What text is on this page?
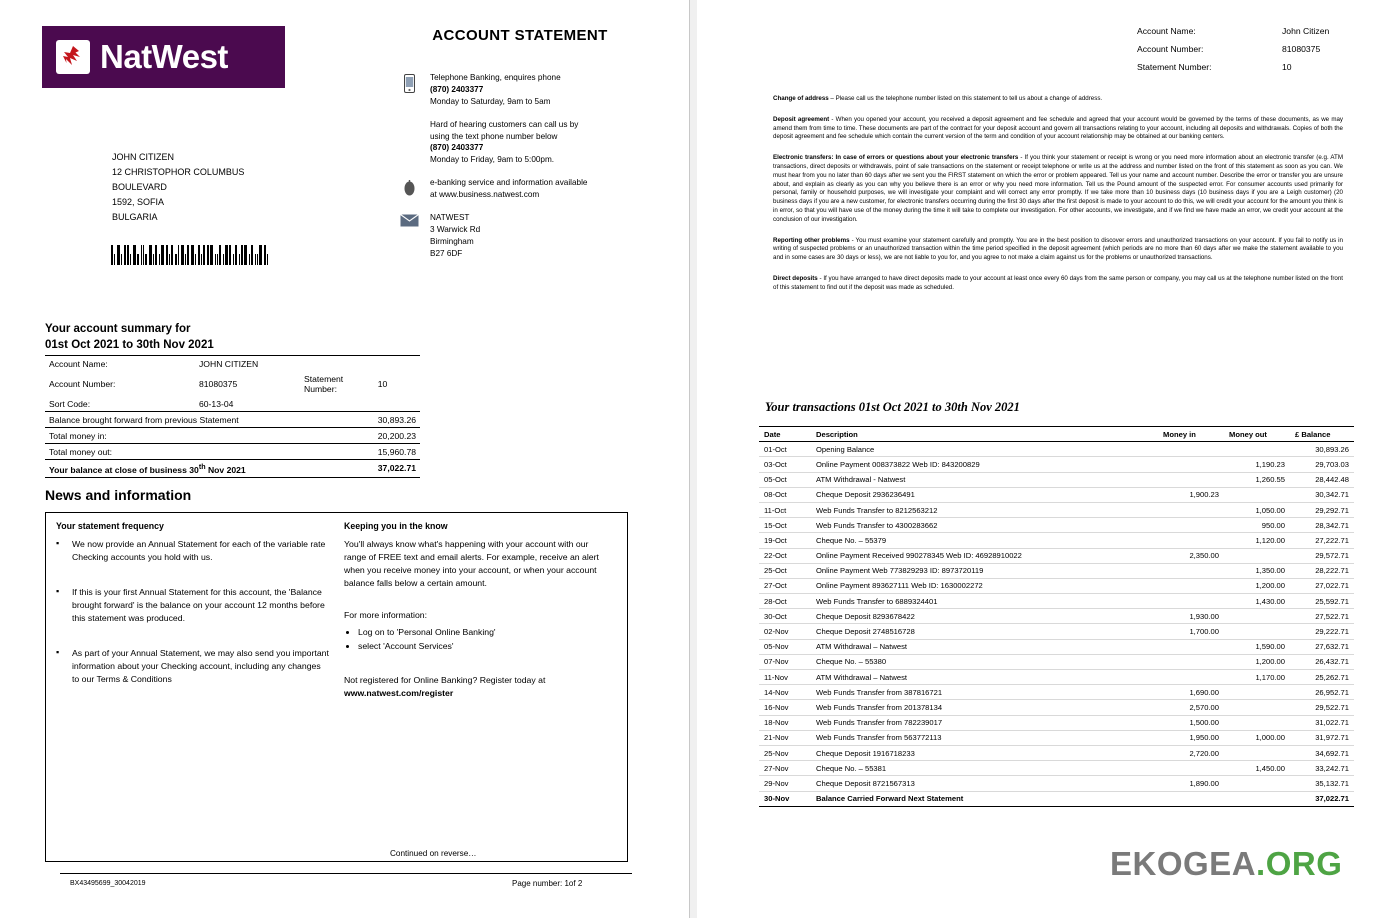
NatWest
ACCOUNT STATEMENT
Telephone Banking, enquires phone
(870) 2403377
Monday to Saturday, 9am to 5am
Hard of hearing customers can call us by
using the text phone number below
(870) 2403377
Monday to Friday, 9am to 5:00pm.
e-banking service and information available
at www.business.natwest.com
NATWEST
3 Warwick Rd
Birmingham
B27 6DF
JOHN CITIZEN
12 CHRISTOPHOR COLUMBUS
BOULEVARD
1592, SOFIA
BULGARIA
Your account summary for
01st Oct 2021 to 30th Nov 2021
Account Name:	JOHN CITIZEN		
Account Number:	81080375	Statement Number:	10
Sort Code:	60-13-04		
Balance brought forward from previous Statement			30,893.26
Total money in:			20,200.23
Total money out:			15,960.78
Your balance at close of business 30th Nov 2021			37,022.71
News and information
Your statement frequency
▪ We now provide an Annual Statement for each of the variable rate Checking accounts you hold with us.
▪ If this is your first Annual Statement for this account, the 'Balance brought forward' is the balance on your account 12 months before this statement was produced.
▪ As part of your Annual Statement, we may also send you important information about your Checking account, including any changes to our Terms & Conditions
Keeping you in the know

You'll always know what's happening with your account with our range of FREE text and email alerts. For example, receive an alert when you receive money into your account, or when your account balance falls below a certain amount.

For more information:
• Log on to 'Personal Online Banking'
• select 'Account Services'
Not registered for Online Banking? Register today at www.natwest.com/register
Continued on reverse…
BX43495699_30042019	Page number: 1of 2
Account Name:	John Citizen
Account Number:	81080375
Statement Number:	10

Change of address – Please call us the telephone number listed on this statement to tell us about a change of address.

Deposit agreement - When you opened your account, you received a deposit agreement and fee schedule and agreed that your account would be governed by the terms of these documents, as we may amend them from time to time. These documents are part of the contract for your deposit account and govern all transactions relating to your account, including all deposits and withdrawals. Copies of both the deposit agreement and fee schedule which contain the current version of the term and condition of your account relationship may be obtained at our banking centers.

Electronic transfers: In case of errors or questions about your electronic transfers - If you think your statement or receipt is wrong or you need more information about an electronic transfer (e.g. ATM transactions, direct deposits or withdrawals, point of sale transactions on the statement or receipt telephone or write us at the address and number listed on the front of this statement as soon as you can. We must hear from you no later than 60 days after we sent you the FIRST statement on which the error or problem appeared. Tell us your name and account number. Describe the error or transfer you are unsure about, and explain as clearly as you can why you believe there is an error or why you need more information. Tell us the Pound amount of the suspected error. For consumer accounts used primarily for personal, family or household purposes, we will investigate your complaint and will correct any error promptly. If we take more than 10 business days (10 business days if you are a Leigh customer) (20 business days if you are a new customer, for electronic transfers occurring during the first 30 days after the first deposit is made to your account to do this, we will credit your account for the amount you think is in error, so that you will have use of the money during the time it will take to complete our investigation. For other accounts, we investigate, and if we find we have made an error, we credit your account at the conclusion of our investigation.

Reporting other problems - You must examine your statement carefully and promptly. You are in the best position to discover errors and unauthorized transactions on your account. If you fail to notify us in writing of suspected problems or an unauthorized transaction within the time period specified in the deposit agreement (which periods are no more than 60 days after we make the statement available to you and in some cases are 30 days or less), we are not liable to you for, and you agree to not make a claim against us for the problems or unauthorized transactions.

Direct deposits - If you have arranged to have direct deposits made to your account at least once every 60 days from the same person or company, you may call us at the telephone number listed on the front of this statement to find out if the deposit was made as scheduled.

Your transactions 01st Oct 2021 to 30th Nov 2021
Date	Description	Money in	Money out	£ Balance
01-Oct	Opening Balance			30,893.26
03-Oct	Online Payment 008373822 Web ID: 843200829		1,190.23	29,703.03
05-Oct	ATM Withdrawal - Natwest		1,260.55	28,442.48
08-Oct	Cheque Deposit 2936236491	1,900.23		30,342.71
11-Oct	Web Funds Transfer to 8212563212		1,050.00	29,292.71
15-Oct	Web Funds Transfer to 4300283662		950.00	28,342.71
19-Oct	Cheque No. – 55379		1,120.00	27,222.71
22-Oct	Online Payment Received 990278345 Web ID: 46928910022	2,350.00		29,572.71
25-Oct	Online Payment Web 773829293 ID: 8973720119		1,350.00	28,222.71
27-Oct	Online Payment 893627111 Web ID: 1630002272		1,200.00	27,022.71
28-Oct	Web Funds Transfer to 6889324401		1,430.00	25,592.71
30-Oct	Cheque Deposit 8293678422	1,930.00		27,522.71
02-Nov	Cheque Deposit 2748516728	1,700.00		29,222.71
05-Nov	ATM Withdrawal – Natwest		1,590.00	27,632.71
07-Nov	Cheque No. – 55380		1,200.00	26,432.71
11-Nov	ATM Withdrawal – Natwest		1,170.00	25,262.71
14-Nov	Web Funds Transfer from 387816721	1,690.00		26,952.71
16-Nov	Web Funds Transfer from 201378134	2,570.00		29,522.71
18-Nov	Web Funds Transfer from 782239017	1,500.00		31,022.71
21-Nov	Web Funds Transfer from 563772113	1,950.00	1,000.00	31,972.71
25-Nov	Cheque Deposit 1916718233	2,720.00		34,692.71
27-Nov	Cheque No. – 55381		1,450.00	33,242.71
29-Nov	Cheque Deposit 8721567313	1,890.00		35,132.71
30-Nov	Balance Carried Forward Next Statement			37,022.71
EKOGEA.ORG
